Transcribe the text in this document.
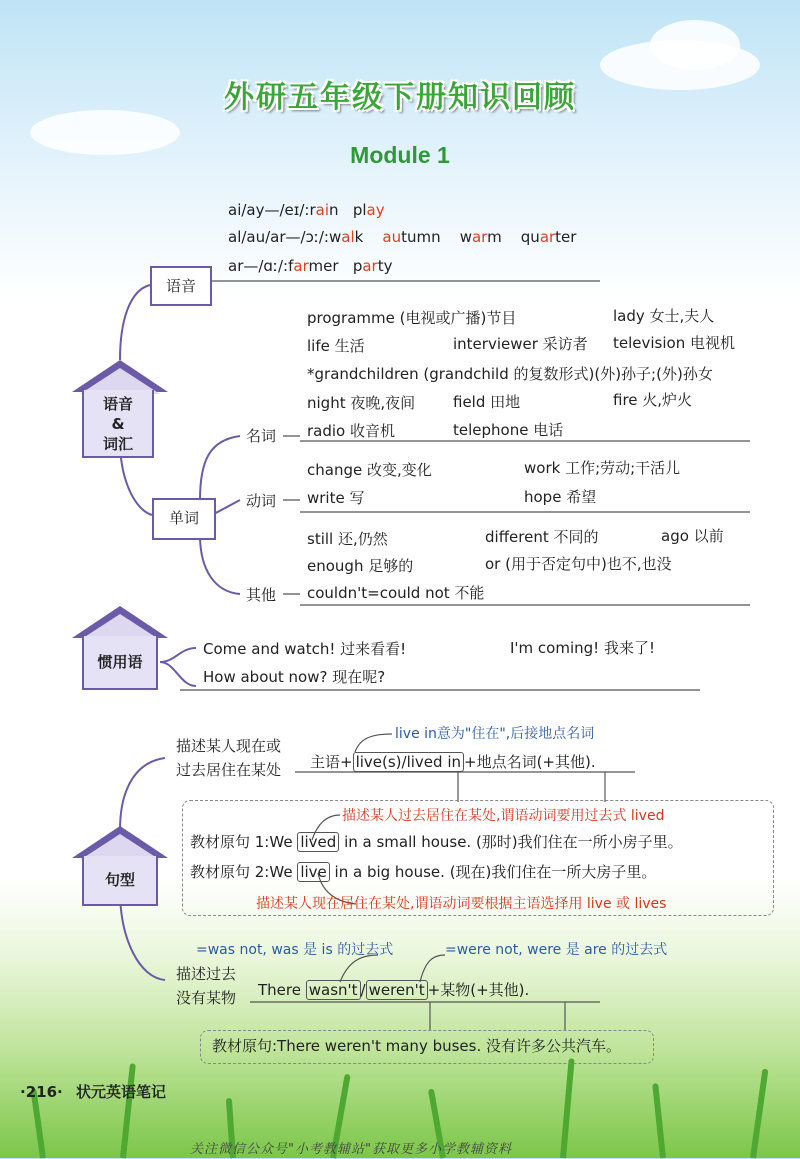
外研五年级下册知识回顾
Module 1
ai/ay—/eɪ/:rain play
al/au/ar—/ɔː/:walk autumn warm quarter
ar—/ɑː/:farmer party
语音
单词
语音
&
词汇
惯用语
句型
名词
programme (电视或广播)节目	lady 女士,夫人
life 生活	interviewer 采访者 television 电视机
*grandchildren (grandchild 的复数形式)(外)孙子;(外)孙女
night 夜晚,夜间	field 田地	fire 火,炉火
radio 收音机	telephone 电话
动词
change 改变,变化	work 工作;劳动;干活儿
write 写	hope 希望
其他
still 还,仍然	different 不同的	ago 以前
enough 足够的	or (用于否定句中)也不,也没
couldn't=could not 不能
Come and watch! 过来看看!	I'm coming! 我来了!
How about now? 现在呢?
描述某人现在或
过去居住在某处
live in意为"住在",后接地点名词
主语+ live(s)/lived in +地点名词(+其他).
描述某人过去居住在某处,谓语动词要用过去式 lived
教材原句 1:We lived in a small house. (那时)我们住在一所小房子里。
教材原句 2:We live in a big house. (现在)我们住在一所大房子里。
描述某人现在居住在某处,谓语动词要根据主语选择用 live 或 lives
=was not, was 是 is 的过去式	=were not, were 是 are 的过去式
描述过去
没有某物 There wasn't / weren't +某物(+其他).
教材原句:There weren't many buses. 没有许多公共汽车。
·216· 状元英语笔记
关注微信公众号"小考教辅站"获取更多小学教辅资料
